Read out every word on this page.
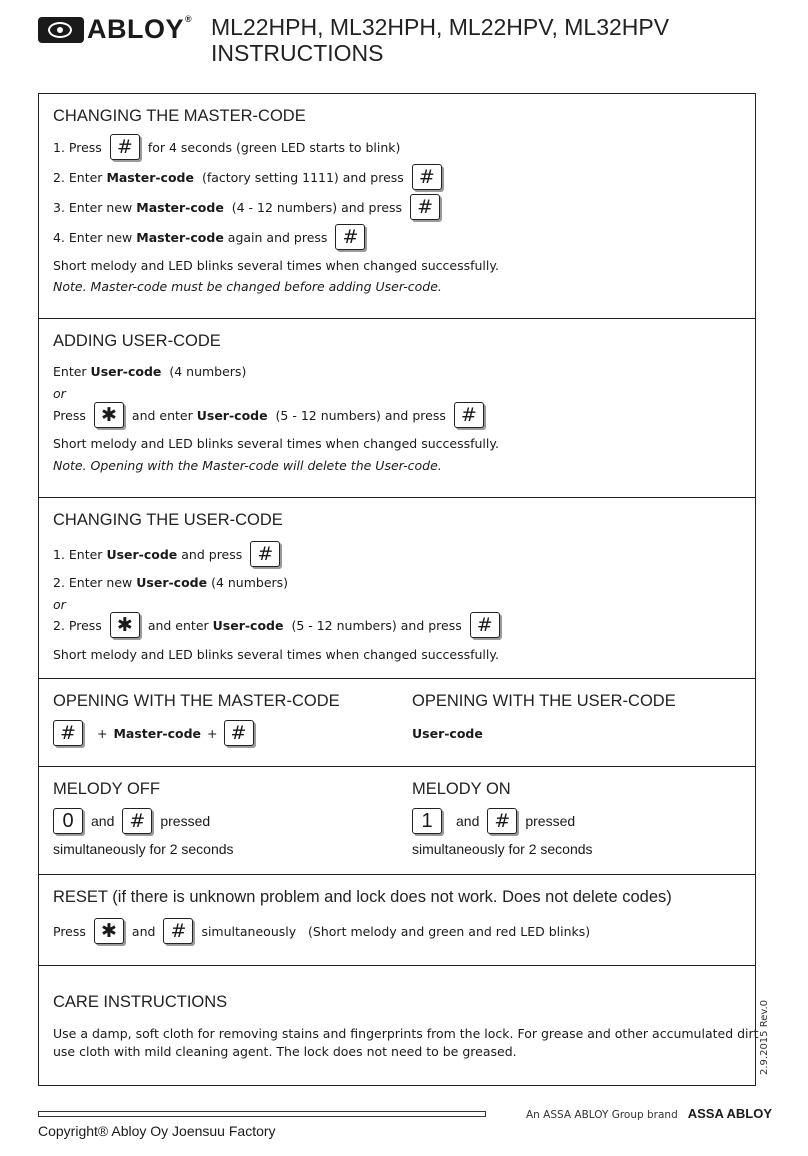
ABLOY® ML22HPH, ML32HPH, ML22HPV, ML32HPV
INSTRUCTIONS
CHANGING THE MASTER-CODE
1. Press #	for 4 seconds (green LED starts to blink)
2. Enter
Master-code
(factory setting 1111) and press #
3. Enter new
Master-code
(4 - 12 numbers) and press #
4. Enter new
Master-code
again and press #
Short melody and LED blinks several times when changed successfully.
Note. Master-code must be changed before adding User-code.
ADDING USER-CODE
Enter
User-code
(4 numbers)
or
Press ✱	and enter
User-code
(5 - 12 numbers) and press #
Short melody and LED blinks several times when changed successfully.
Note. Opening with the Master-code will delete the User-code.
CHANGING THE USER-CODE
1. Enter
User-code
and press #
2. Enter new
User-code
(4 numbers)
or
2. Press ✱	and enter
User-code
(5 - 12 numbers) and press #
Short melody and LED blinks several times when changed successfully.
OPENING WITH THE MASTER-CODE
#	+ Master-code + #
OPENING WITH THE USER-CODE
User-code
MELODY OFF
0	and #	pressed
simultaneously for 2 seconds
MELODY ON
1	and #	pressed
simultaneously for 2 seconds
RESET (if there is unknown problem and lock does not work. Does not delete codes)
Press ✱	and #	simultaneously
(Short melody and green and red LED blinks)
CARE INSTRUCTIONS
Use a damp, soft cloth for removing stains and fingerprints from the lock. For grease and other accumulated dirt
use cloth with mild cleaning agent. The lock does not need to be greased.	2.9.2015 Rev.0
An ASSA ABLOY Group brand ASSA ABLOY
Copyright® Abloy Oy Joensuu Factory
